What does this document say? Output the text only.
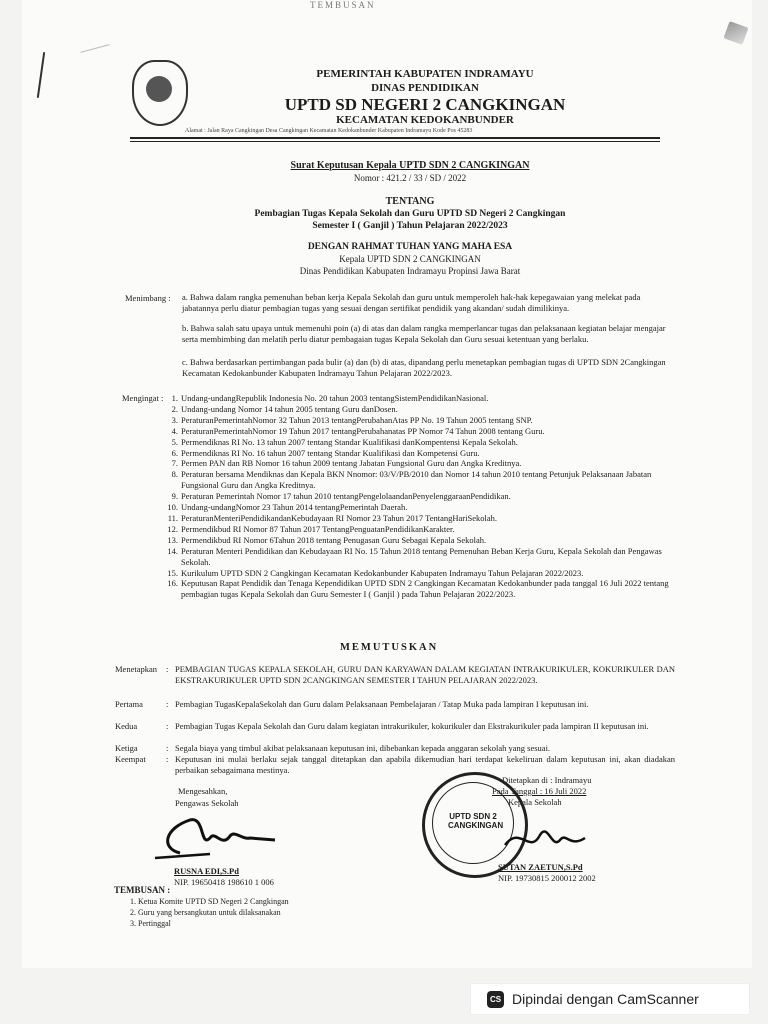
TEMBUSAN
PEMERINTAH KABUPATEN INDRAMAYU
DINAS PENDIDIKAN
UPTD SD NEGERI 2 CANGKINGAN
KECAMATAN KEDOKANBUNDER
Alamat : Jalan Raya Cangkingan Desa Cangkingan Kecamatan Kedokanbunder Kabupaten Indramayu Kode Pos 45283
Surat Keputusan Kepala UPTD SDN 2 CANGKINGAN
Nomor : 421.2 / 33 / SD / 2022
TENTANG
Pembagian Tugas Kepala Sekolah dan Guru UPTD SD Negeri 2 Cangkingan
Semester I ( Ganjil ) Tahun Pelajaran 2022/2023
DENGAN RAHMAT TUHAN YANG MAHA ESA
Kepala UPTD SDN 2 CANGKINGAN
Dinas Pendidikan Kabupaten Indramayu Propinsi Jawa Barat
Menimbang : a. Bahwa dalam rangka pemenuhan beban kerja Kepala Sekolah dan guru untuk memperoleh hak-hak kepegawaian yang melekat pada jabatannya perlu diatur pembagian tugas yang sesuai dengan sertifikat pendidik yang akandan/ sudah dimilikinya.
b. Bahwa salah satu upaya untuk memenuhi poin (a) di atas dan dalam rangka memperlancar tugas dan pelaksanaan kegiatan belajar mengajar serta membimbing dan melatih perlu diatur pembagaian tugas Kepala Sekolah dan Guru sesuai ketentuan yang berlaku.
c. Bahwa berdasarkan pertimbangan pada bulir (a) dan (b) di atas, dipandang perlu menetapkan pembagian tugas di UPTD SDN 2Cangkingan Kecamatan Kedokanbunder Kabupaten Indramayu Tahun Pelajaran 2022/2023.
Mengingat : 1. Undang-undangRepublik Indonesia No. 20 tahun 2003 tentangSistemPendidikanNasional.
2. Undang-undang Nomor 14 tahun 2005 tentang Guru danDosen.
3. PeraturanPemerintahNomor 32 Tahun 2013 tentangPerubahanAtas PP No. 19 Tahun 2005 tentang SNP.
4. PeraturanPemerintahNomor 19 Tahun 2017 tentangPerubahanatas PP Nomor 74 Tahun 2008 tentang Guru.
5. Permendiknas RI No. 13 tahun 2007 tentang Standar Kualifikasi danKompentensi Kepala Sekolah.
6. Permendiknas RI No. 16 tahun 2007 tentang Standar Kualifikasi dan Kompetensi Guru.
7. Permen PAN dan RB Nomor 16 tahun 2009 tentang Jabatan Fungsional Guru dan Angka Kreditnya.
8. Peraturan bersama Mendiknas dan Kepala BKN Nnomor: 03/V/PB/2010 dan Nomor 14 tahun 2010 tentang Petunjuk Pelaksanaan Jabatan Fungsional Guru dan Angka Kreditnya.
9. Peraturan Pemerintah Nomor 17 tahun 2010 tentangPengelolaandanPenyelenggaraanPendidikan.
10. Undang-undangNomor 23 Tahun 2014 tentangPemerintah Daerah.
11. PeraturanMenteriPendidikandanKebudayaan RI Nomor 23 Tahun 2017 TentangHariSekolah.
12. Permendikbud RI Nomor 87 Tahun 2017 TentangPenguatanPendidikanKarakter.
13. Permendikbud RI Nomor 6Tahun 2018 tentang Penugasan Guru Sebagai Kepala Sekolah.
14. Peraturan Menteri Pendidikan dan Kebudayaan RI No. 15 Tahun 2018 tentang Pemenuhan Beban Kerja Guru, Kepala Sekolah dan Pengawas Sekolah.
15. Kurikulum UPTD SDN 2 Cangkingan Kecamatan Kedokanbunder Kabupaten Indramayu Tahun Pelajaran 2022/2023.
16. Keputusan Rapat Pendidik dan Tenaga Kependidikan UPTD SDN 2 Cangkingan Kecamatan Kedokanbunder pada tanggal 16 Juli 2022 tentang pembagian tugas Kepala Sekolah dan Guru Semester I ( Ganjil ) pada Tahun Pelajaran 2022/2023.
MEMUTUSKAN
Menetapkan : PEMBAGIAN TUGAS KEPALA SEKOLAH, GURU DAN KARYAWAN DALAM KEGIATAN INTRAKURIKULER, KOKURIKULER DAN EKSTRAKURIKULER UPTD SDN 2CANGKINGAN SEMESTER I TAHUN PELAJARAN 2022/2023.
Pertama	: Pembagian TugasKepalaSekolah dan Guru dalam Pelaksanaan Pembelajaran / Tatap Muka pada lampiran I keputusan ini.
Kedua	: Pembagian Tugas Kepala Sekolah dan Guru dalam kegiatan intrakurikuler, kokurikuler dan Ekstrakurikuler pada lampiran II keputusan ini.
Ketiga	: Segala biaya yang timbul akibat pelaksanaan keputusan ini, dibebankan kepada anggaran sekolah yang sesuai.
Keempat : Keputusan ini mulai berlaku sejak tanggal ditetapkan dan apabila dikemudian hari terdapat kekeliruan dalam keputusan ini, akan diadakan perbaikan sebagaimana mestinya.
Ditetapkan di : Indramayu
Pada Tanggal : 16 Juli 2022
Kepala Sekolah
Mengesahkan,
Pengawas Sekolah
UPTD SDN 2 CANGKINGAN
RUSNA EDI,S.Pd
NIP. 19650418 198610 1 006
SUTAN ZAETUN,S.Pd
NIP. 19730815 200012 2002
TEMBUSAN :
1. Ketua Komite UPTD SD Negeri 2 Cangkingan
2. Guru yang bersangkutan untuk dilaksanakan
3. Pertinggal
CS Dipindai dengan CamScanner
